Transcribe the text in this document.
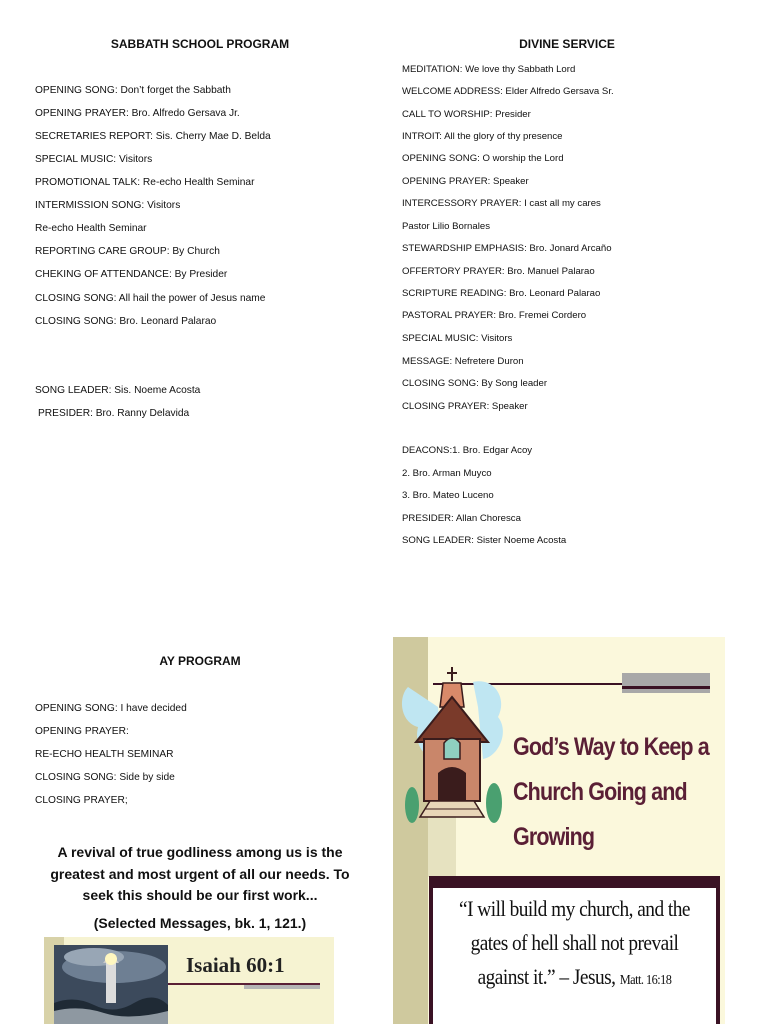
SABBATH SCHOOL PROGRAM
OPENING SONG: Don’t forget the Sabbath
OPENING PRAYER: Bro. Alfredo Gersava Jr.
SECRETARIES REPORT: Sis. Cherry Mae D. Belda
SPECIAL MUSIC: Visitors
PROMOTIONAL TALK: Re-echo Health Seminar
INTERMISSION SONG: Visitors
Re-echo Health Seminar
REPORTING CARE GROUP: By Church
CHEKING OF ATTENDANCE: By Presider
CLOSING SONG: All hail the power of Jesus name
CLOSING SONG: Bro. Leonard Palarao
SONG LEADER: Sis. Noeme Acosta
PRESIDER: Bro. Ranny Delavida
DIVINE SERVICE
MEDITATION: We love thy Sabbath Lord
WELCOME ADDRESS: Elder Alfredo Gersava Sr.
CALL TO WORSHIP: Presider
INTROIT: All the glory of thy presence
OPENING SONG: O worship the Lord
OPENING PRAYER: Speaker
INTERCESSORY PRAYER: I cast all my cares
Pastor Lilio Bornales
STEWARDSHIP EMPHASIS: Bro. Jonard Arcaño
OFFERTORY PRAYER: Bro. Manuel Palarao
SCRIPTURE READING: Bro. Leonard Palarao
PASTORAL PRAYER: Bro. Fremei Cordero
SPECIAL MUSIC: Visitors
MESSAGE: Nefretere Duron
CLOSING SONG: By Song leader
CLOSING PRAYER: Speaker
DEACONS:1. Bro. Edgar Acoy
2. Bro. Arman Muyco
3. Bro. Mateo Luceno
PRESIDER: Allan Choresca
SONG LEADER: Sister Noeme Acosta
AY PROGRAM
OPENING SONG: I have decided
OPENING PRAYER:
RE-ECHO HEALTH SEMINAR
CLOSING SONG: Side by side
CLOSING PRAYER;
A revival of true godliness among us is the
greatest and most urgent of all our needs. To
seek this should be our first work...
(Selected Messages, bk. 1, 121.)
Isaiah 60:1
God’s Way to Keep a
Church Going and
Growing
“I will build my church, and the
gates of hell shall not prevail
against it.” – Jesus, Matt. 16:18
